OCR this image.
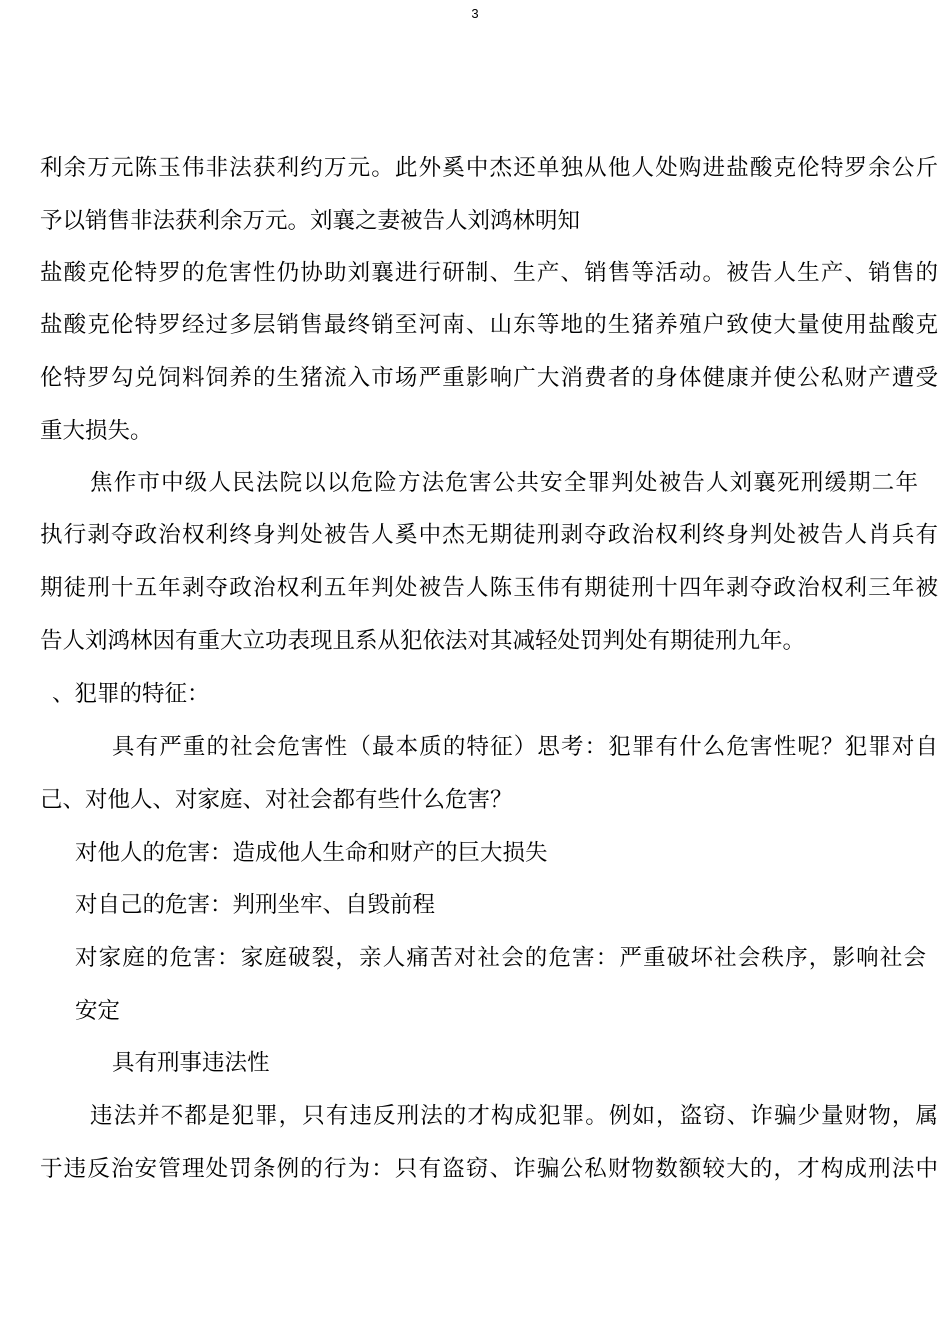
3
利余万元陈玉伟非法获利约万元。此外奚中杰还单独从他人处购进盐酸克伦特罗余公斤
予以销售非法获利余万元。刘襄之妻被告人刘鸿林明知
盐酸克伦特罗的危害性仍协助刘襄进行研制、生产、销售等活动。被告人生产、销售的
盐酸克伦特罗经过多层销售最终销至河南、山东等地的生猪养殖户致使大量使用盐酸克
伦特罗勾兑饲料饲养的生猪流入市场严重影响广大消费者的身体健康并使公私财产遭受
重大损失。
焦作市中级人民法院以以危险方法危害公共安全罪判处被告人刘襄死刑缓期二年
执行剥夺政治权利终身判处被告人奚中杰无期徒刑剥夺政治权利终身判处被告人肖兵有
期徒刑十五年剥夺政治权利五年判处被告人陈玉伟有期徒刑十四年剥夺政治权利三年被
告人刘鸿林因有重大立功表现且系从犯依法对其减轻处罚判处有期徒刑九年。
、犯罪的特征：
具有严重的社会危害性（最本质的特征）思考：犯罪有什么危害性呢？犯罪对自
己、对他人、对家庭、对社会都有些什么危害？
对他人的危害：造成他人生命和财产的巨大损失
对自己的危害：判刑坐牢、自毁前程
对家庭的危害：家庭破裂，亲人痛苦对社会的危害：严重破坏社会秩序，影响社会
安定
具有刑事违法性
违法并不都是犯罪，只有违反刑法的才构成犯罪。例如，盗窃、诈骗少量财物，属
于违反治安管理处罚条例的行为：只有盗窃、诈骗公私财物数额较大的，才构成刑法中
